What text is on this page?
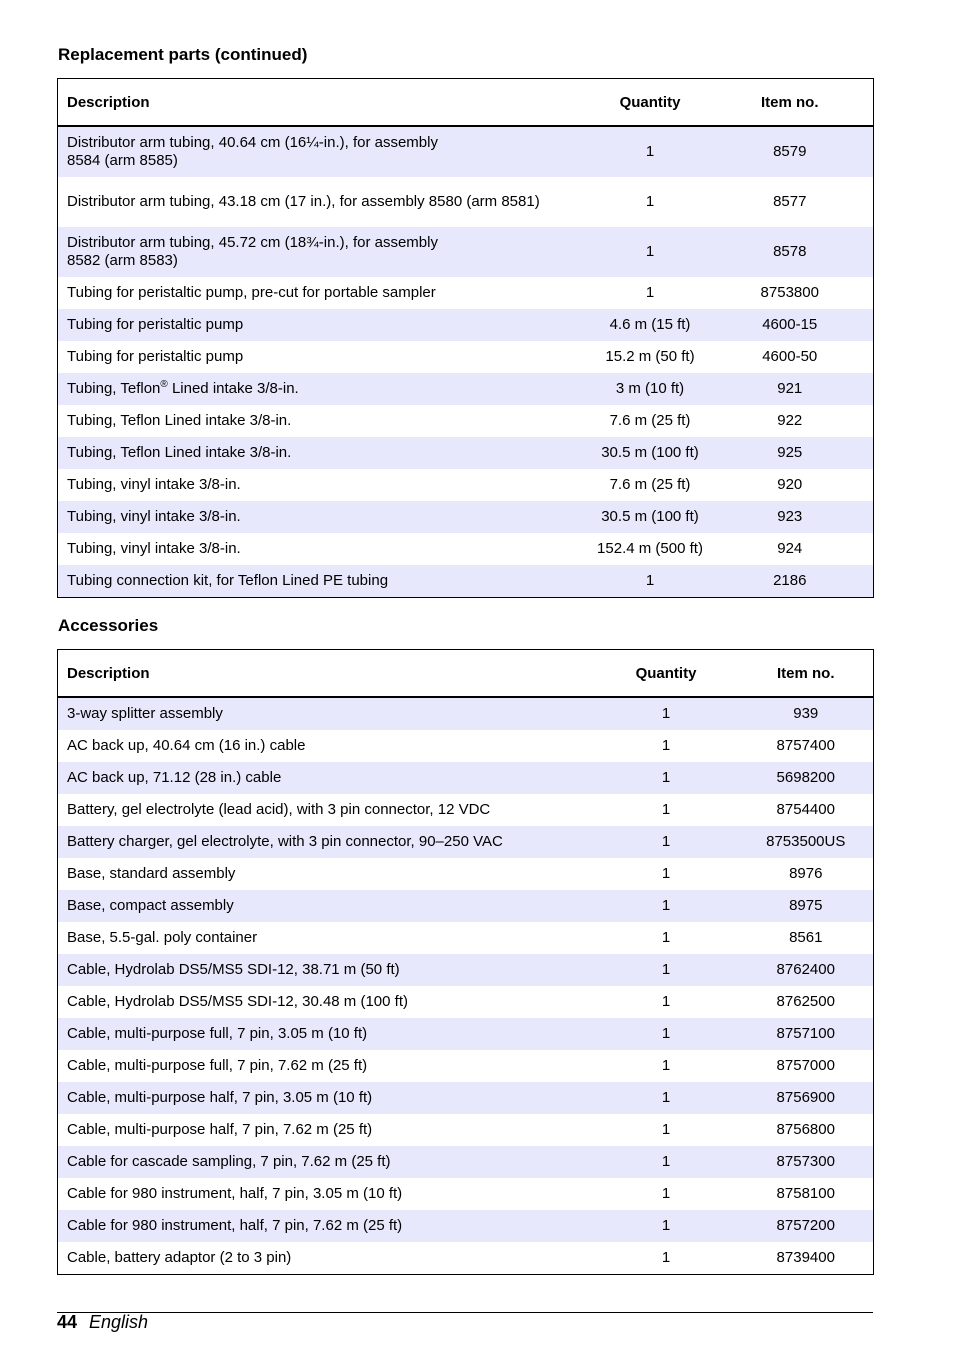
Replacement parts (continued)
Description	Quantity	Item no.
Distributor arm tubing, 40.64 cm (16¼-in.), for assembly
8584 (arm 8585)	1	8579
Distributor arm tubing, 43.18 cm (17 in.), for assembly 8580 (arm 8581)	1	8577
Distributor arm tubing, 45.72 cm (18¾-in.), for assembly
8582 (arm 8583)	1	8578
Tubing for peristaltic pump, pre-cut for portable sampler	1	8753800
Tubing for peristaltic pump	4.6 m (15 ft)	4600-15
Tubing for peristaltic pump	15.2 m (50 ft)	4600-50
Tubing, Teflon® Lined intake 3/8-in.	3 m (10 ft)	921
Tubing, Teflon Lined intake 3/8-in.	7.6 m (25 ft)	922
Tubing, Teflon Lined intake 3/8-in.	30.5 m (100 ft)	925
Tubing, vinyl intake 3/8-in.	7.6 m (25 ft)	920
Tubing, vinyl intake 3/8-in.	30.5 m (100 ft)	923
Tubing, vinyl intake 3/8-in.	152.4 m (500 ft)	924
Tubing connection kit, for Teflon Lined PE tubing	1	2186
Accessories
Description	Quantity	Item no.
3-way splitter assembly	1	939
AC back up, 40.64 cm (16 in.) cable	1	8757400
AC back up, 71.12 (28 in.) cable	1	5698200
Battery, gel electrolyte (lead acid), with 3 pin connector, 12 VDC	1	8754400
Battery charger, gel electrolyte, with 3 pin connector, 90–250 VAC	1	8753500US
Base, standard assembly	1	8976
Base, compact assembly	1	8975
Base, 5.5-gal. poly container	1	8561
Cable, Hydrolab DS5/MS5 SDI-12, 38.71 m (50 ft)	1	8762400
Cable, Hydrolab DS5/MS5 SDI-12, 30.48 m (100 ft)	1	8762500
Cable, multi-purpose full, 7 pin, 3.05 m (10 ft)	1	8757100
Cable, multi-purpose full, 7 pin, 7.62 m (25 ft)	1	8757000
Cable, multi-purpose half, 7 pin, 3.05 m (10 ft)	1	8756900
Cable, multi-purpose half, 7 pin, 7.62 m (25 ft)	1	8756800
Cable for cascade sampling, 7 pin, 7.62 m (25 ft)	1	8757300
Cable for 980 instrument, half, 7 pin, 3.05 m (10 ft)	1	8758100
Cable for 980 instrument, half, 7 pin, 7.62 m (25 ft)	1	8757200
Cable, battery adaptor (2 to 3 pin)	1	8739400
44 English
